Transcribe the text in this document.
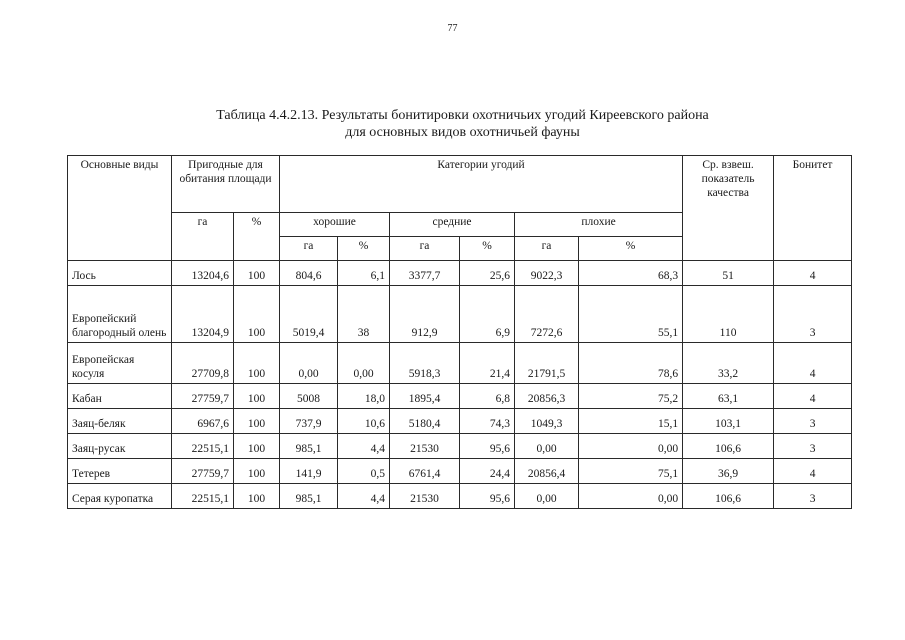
77
Таблица 4.4.2.13. Результаты бонитировки охотничьих угодий Киреевского района
для основных видов охотничьей фауны
Основные виды	Пригодные для обитания площади		Категории угодий						Ср. взвеш. показатель качества	Бонитет
	га	%	хорошие		средние		плохие			
			га	%	га	%	га	%		
Лось	13204,6	100	804,6	6,1	3377,7	25,6	9022,3	68,3	51	4
Европейский благородный олень	13204,9	100	5019,4	38	912,9	6,9	7272,6	55,1	110	3
Европейская косуля	27709,8	100	0,00	0,00	5918,3	21,4	21791,5	78,6	33,2	4
Кабан	27759,7	100	5008	18,0	1895,4	6,8	20856,3	75,2	63,1	4
Заяц-беляк	6967,6	100	737,9	10,6	5180,4	74,3	1049,3	15,1	103,1	3
Заяц-русак	22515,1	100	985,1	4,4	21530	95,6	0,00	0,00	106,6	3
Тетерев	27759,7	100	141,9	0,5	6761,4	24,4	20856,4	75,1	36,9	4
Серая куропатка	22515,1	100	985,1	4,4	21530	95,6	0,00	0,00	106,6	3
